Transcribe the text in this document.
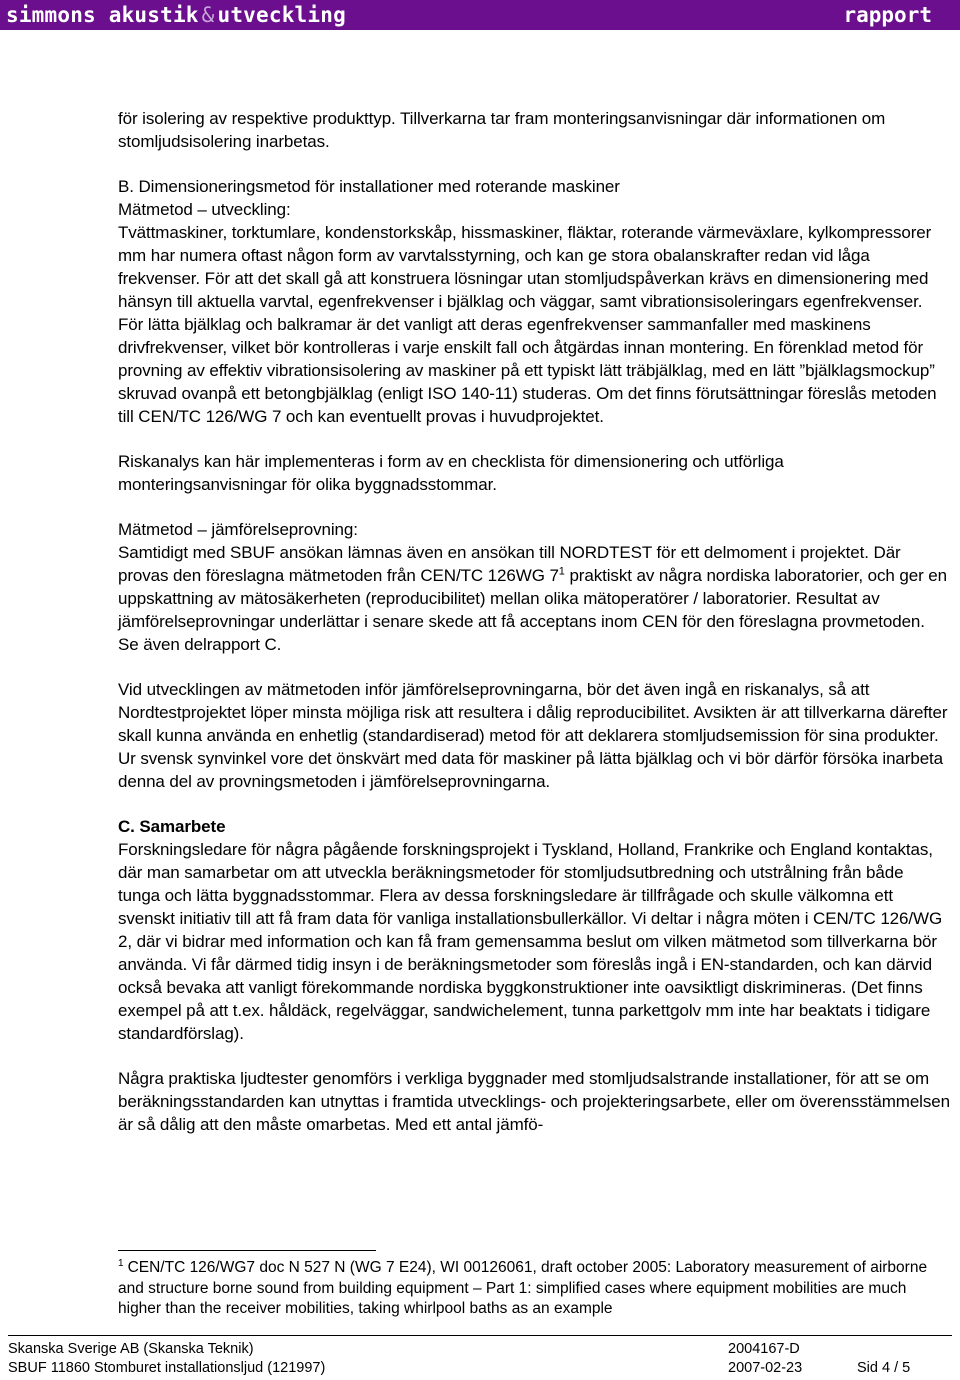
simmons akustik & utveckling	rapport

för isolering av respektive produkttyp. Tillverkarna tar fram monteringsanvisningar där informationen om stomljudsisolering inarbetas.

B. Dimensioneringsmetod för installationer med roterande maskiner

Mätmetod – utveckling:

Tvättmaskiner, torktumlare, kondenstorkskåp, hissmaskiner, fläktar, roterande värmeväxlare, kylkompressorer mm har numera oftast någon form av varvtalsstyrning, och kan ge stora obalanskrafter redan vid låga frekvenser. För att det skall gå att konstruera lösningar utan stomljudspåverkan krävs en dimensionering med hänsyn till aktuella varvtal, egenfrekvenser i bjälklag och väggar, samt vibrationsisoleringars egenfrekvenser. För lätta bjälklag och balkramar är det vanligt att deras egenfrekvenser sammanfaller med maskinens drivfrekvenser, vilket bör kontrolleras i varje enskilt fall och åtgärdas innan montering. En förenklad metod för provning av effektiv vibrationsisolering av maskiner på ett typiskt lätt träbjälklag, med en lätt ”bjälklagsmockup” skruvad ovanpå ett betongbjälklag (enligt ISO 140-11) studeras. Om det finns förutsättningar föreslås metoden till CEN/TC 126/WG 7 och kan eventuellt provas i huvudprojektet.

Riskanalys kan här implementeras i form av en checklista för dimensionering och utförliga monteringsanvisningar för olika byggnadsstommar.

Mätmetod – jämförelseprovning:

Samtidigt med SBUF ansökan lämnas även en ansökan till NORDTEST för ett delmoment i projektet. Där provas den föreslagna mätmetoden från CEN/TC 126WG $7^1$ praktiskt av några nordiska laboratorier, och ger en uppskattning av mätosäkerheten (reproducibilitet) mellan olika mätoperatörer / laboratorier. Resultat av jämförelseprovningar underlättar i senare skede att få acceptans inom CEN för den föreslagna provmetoden. Se även delrapport C.

Vid utvecklingen av mätmetoden inför jämförelseprovningarna, bör det även ingå en riskanalys, så att Nordtestprojektet löper minsta möjliga risk att resultera i dålig reproducibilitet. Avsikten är att tillverkarna därefter skall kunna använda en enhetlig (standardiserad) metod för att deklarera stomljudsemission för sina produkter. Ur svensk synvinkel vore det önskvärt med data för maskiner på lätta bjälklag och vi bör därför försöka inarbeta denna del av provningsmetoden i jämförelseprovningarna.

C. Samarbete

Forskningsledare för några pågående forskningsprojekt i Tyskland, Holland, Frankrike och England kontaktas, där man samarbetar om att utveckla beräkningsmetoder för stomljudsutbredning och utstrålning från både tunga och lätta byggnadsstommar. Flera av dessa forskningsledare är tillfrågade och skulle välkomna ett svenskt initiativ till att få fram data för vanliga installationsbullerkällor. Vi deltar i några möten i CEN/TC 126/WG 2, där vi bidrar med information och kan få fram gemensamma beslut om vilken mätmetod som tillverkarna bör använda. Vi får därmed tidig insyn i de beräkningsmetoder som föreslås ingå i EN-standarden, och kan därvid också bevaka att vanligt förekommande nordiska byggkonstruktioner inte oavsiktligt diskrimineras. (Det finns exempel på att t.ex. håldäck, regelväggar, sandwichelement, tunna parkettgolv mm inte har beaktats i tidigare standardförslag).

Några praktiska ljudtester genomförs i verkliga byggnader med stomljudsalstrande installationer, för att se om beräkningsstandarden kan utnyttas i framtida utvecklings- och projekteringsarbete, eller om överensstämmelsen är så dålig att den måste omarbetas. Med ett antal jämfö-

$^1$ CEN/TC 126/WG7 doc N 527 N (WG 7 E24), WI 00126061, draft october 2005: Laboratory measurement of airborne and structure borne sound from building equipment – Part 1: simplified cases where equipment mobilities are much higher than the receiver mobilities, taking whirlpool baths as an example
Skanska Sverige AB (Skanska Teknik)
SBUF 11860 Stomburet installationsljud (121997)
2004167-D
2007-02-23
	Sid 4 / 5
